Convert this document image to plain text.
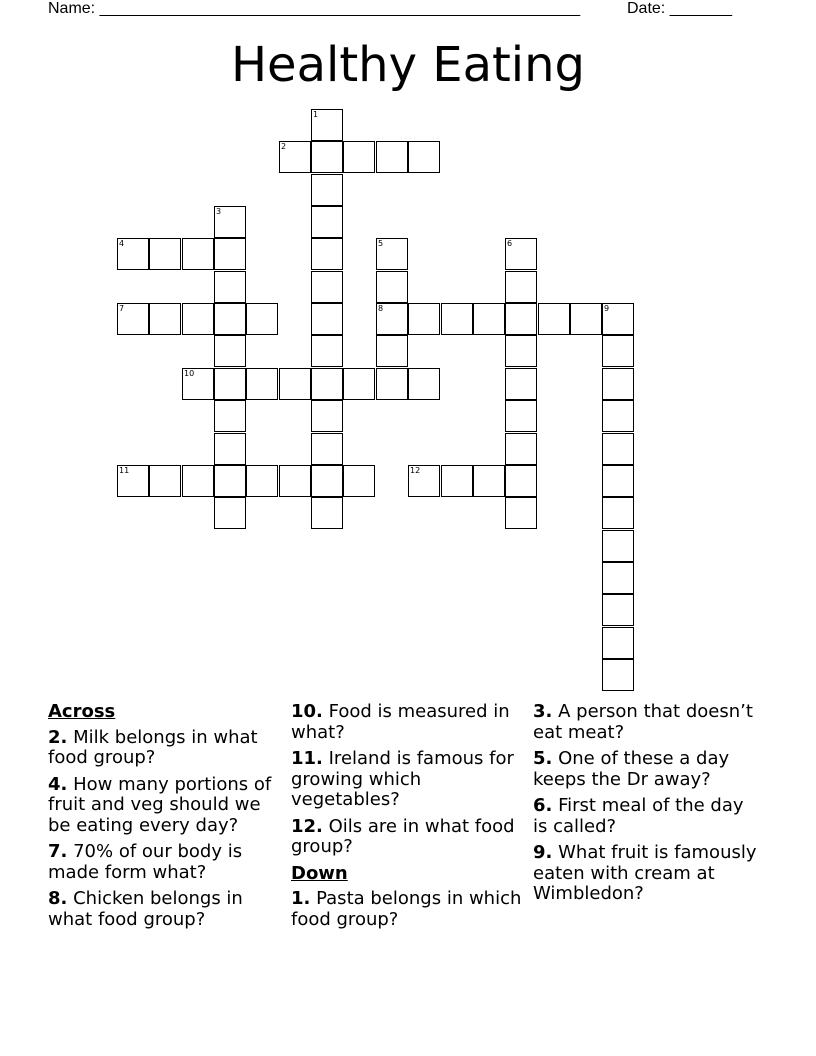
Name: ______________________________________________________	Date: _______
Healthy Eating
1
2
3
4	5
8
6
7	9
10
11	12
Across
2. Milk belongs in what food group?
4. How many portions of fruit and veg should we be eating every day?
7. 70% of our body is made form what?
8. Chicken belongs in what food group?
10. Food is measured in what?
11. Ireland is famous for growing which vegetables?
12. Oils are in what food group?
Down
1. Pasta belongs in which food group?
3. A person that doesn’t eat meat?
5. One of these a day keeps the Dr away?
6. First meal of the day is called?
9. What fruit is famously eaten with cream at Wimbledon?
